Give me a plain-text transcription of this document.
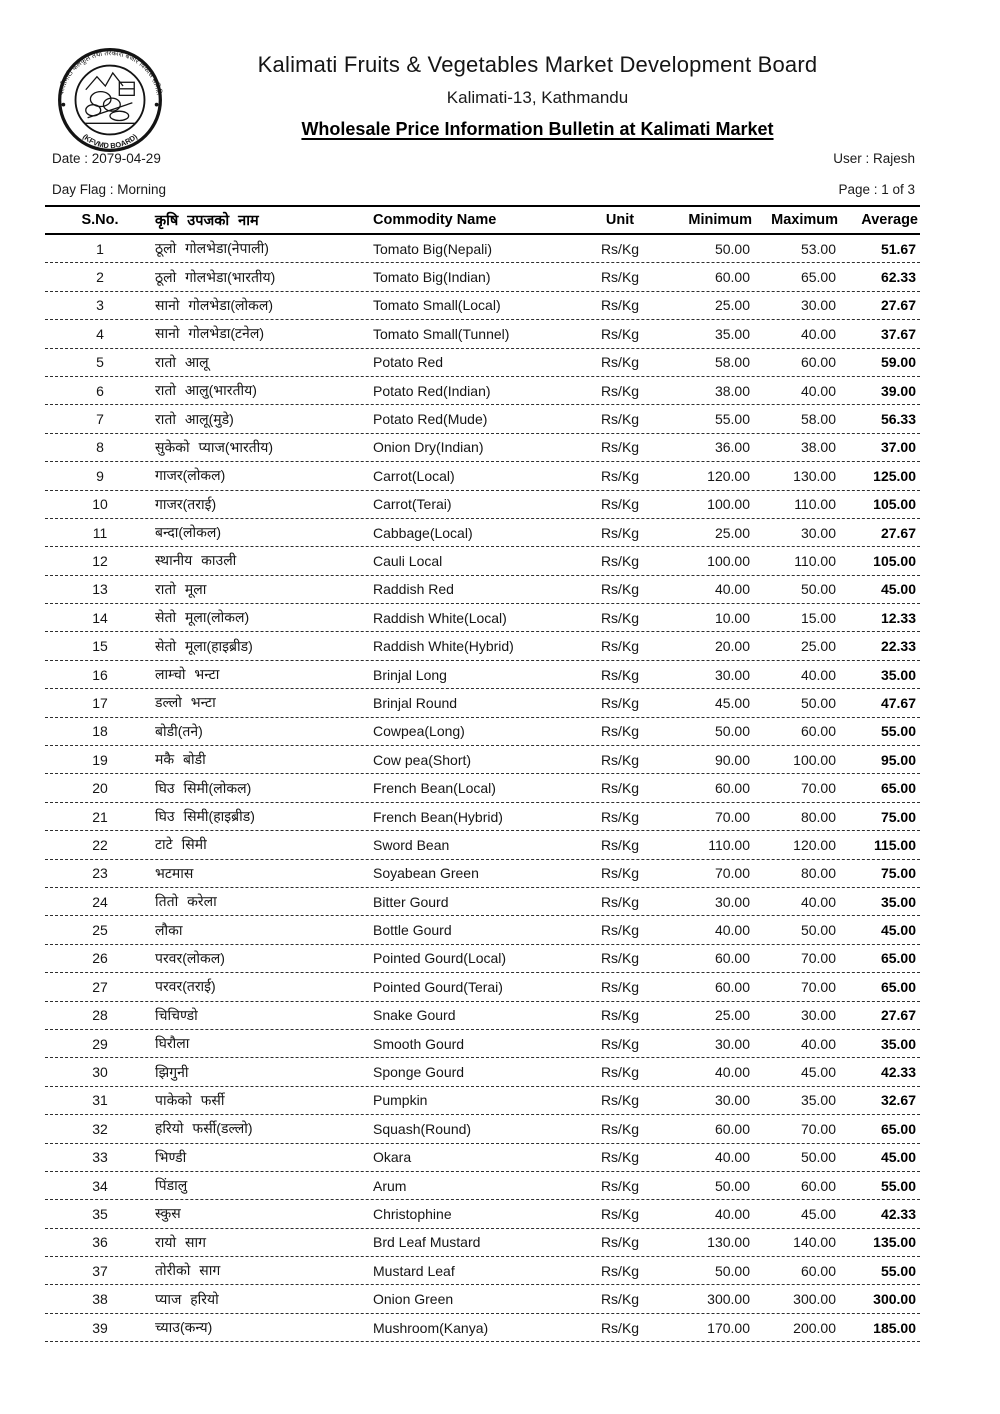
कालीमाटी फलफूल तथा तरकारी बजार विकास समिति
(KFVMD BOARD)
Kalimati Fruits & Vegetables Market Development Board
Kalimati-13, Kathmandu
Wholesale Price Information Bulletin at Kalimati Market
Date : 2079-04-29	User : Rajesh
Day Flag : Morning	Page : 1 of 3
S.No.	कृषि उपजको नाम	Commodity Name	Unit	Minimum	Maximum	Average
1	ठूलो गोलभेडा(नेपाली)	Tomato Big(Nepali)	Rs/Kg	50.00	53.00	51.67
2	ठूलो गोलभेडा(भारतीय)	Tomato Big(Indian)	Rs/Kg	60.00	65.00	62.33
3	सानो गोलभेडा(लोकल)	Tomato Small(Local)	Rs/Kg	25.00	30.00	27.67
4	सानो गोलभेडा(टनेल)	Tomato Small(Tunnel)	Rs/Kg	35.00	40.00	37.67
5	रातो आलू	Potato Red	Rs/Kg	58.00	60.00	59.00
6	रातो आलु(भारतीय)	Potato Red(Indian)	Rs/Kg	38.00	40.00	39.00
7	रातो आलू(मुडे)	Potato Red(Mude)	Rs/Kg	55.00	58.00	56.33
8	सुकेको प्याज(भारतीय)	Onion Dry(Indian)	Rs/Kg	36.00	38.00	37.00
9	गाजर(लोकल)	Carrot(Local)	Rs/Kg	120.00	130.00	125.00
10	गाजर(तराई)	Carrot(Terai)	Rs/Kg	100.00	110.00	105.00
11	बन्दा(लोकल)	Cabbage(Local)	Rs/Kg	25.00	30.00	27.67
12	स्थानीय काउली	Cauli Local	Rs/Kg	100.00	110.00	105.00
13	रातो मूला	Raddish Red	Rs/Kg	40.00	50.00	45.00
14	सेतो मूला(लोकल)	Raddish White(Local)	Rs/Kg	10.00	15.00	12.33
15	सेतो मूला(हाइब्रीड)	Raddish White(Hybrid)	Rs/Kg	20.00	25.00	22.33
16	लाम्चो भन्टा	Brinjal Long	Rs/Kg	30.00	40.00	35.00
17	डल्लो भन्टा	Brinjal Round	Rs/Kg	45.00	50.00	47.67
18	बोडी(तने)	Cowpea(Long)	Rs/Kg	50.00	60.00	55.00
19	मकै बोडी	Cow pea(Short)	Rs/Kg	90.00	100.00	95.00
20	घिउ सिमी(लोकल)	French Bean(Local)	Rs/Kg	60.00	70.00	65.00
21	घिउ सिमी(हाइब्रीड)	French Bean(Hybrid)	Rs/Kg	70.00	80.00	75.00
22	टाटे सिमी	Sword Bean	Rs/Kg	110.00	120.00	115.00
23	भटमास	Soyabean Green	Rs/Kg	70.00	80.00	75.00
24	तितो करेला	Bitter Gourd	Rs/Kg	30.00	40.00	35.00
25	लौका	Bottle Gourd	Rs/Kg	40.00	50.00	45.00
26	परवर(लोकल)	Pointed Gourd(Local)	Rs/Kg	60.00	70.00	65.00
27	परवर(तराई)	Pointed Gourd(Terai)	Rs/Kg	60.00	70.00	65.00
28	चिचिण्डो	Snake Gourd	Rs/Kg	25.00	30.00	27.67
29	घिरौला	Smooth Gourd	Rs/Kg	30.00	40.00	35.00
30	झिगुनी	Sponge Gourd	Rs/Kg	40.00	45.00	42.33
31	पाकेको फर्सी	Pumpkin	Rs/Kg	30.00	35.00	32.67
32	हरियो फर्सी(डल्लो)	Squash(Round)	Rs/Kg	60.00	70.00	65.00
33	भिण्डी	Okara	Rs/Kg	40.00	50.00	45.00
34	पिंडालु	Arum	Rs/Kg	50.00	60.00	55.00
35	स्कुस	Christophine	Rs/Kg	40.00	45.00	42.33
36	रायो साग	Brd Leaf Mustard	Rs/Kg	130.00	140.00	135.00
37	तोरीको साग	Mustard Leaf	Rs/Kg	50.00	60.00	55.00
38	प्याज हरियो	Onion Green	Rs/Kg	300.00	300.00	300.00
39	च्याउ(कन्य)	Mushroom(Kanya)	Rs/Kg	170.00	200.00	185.00
